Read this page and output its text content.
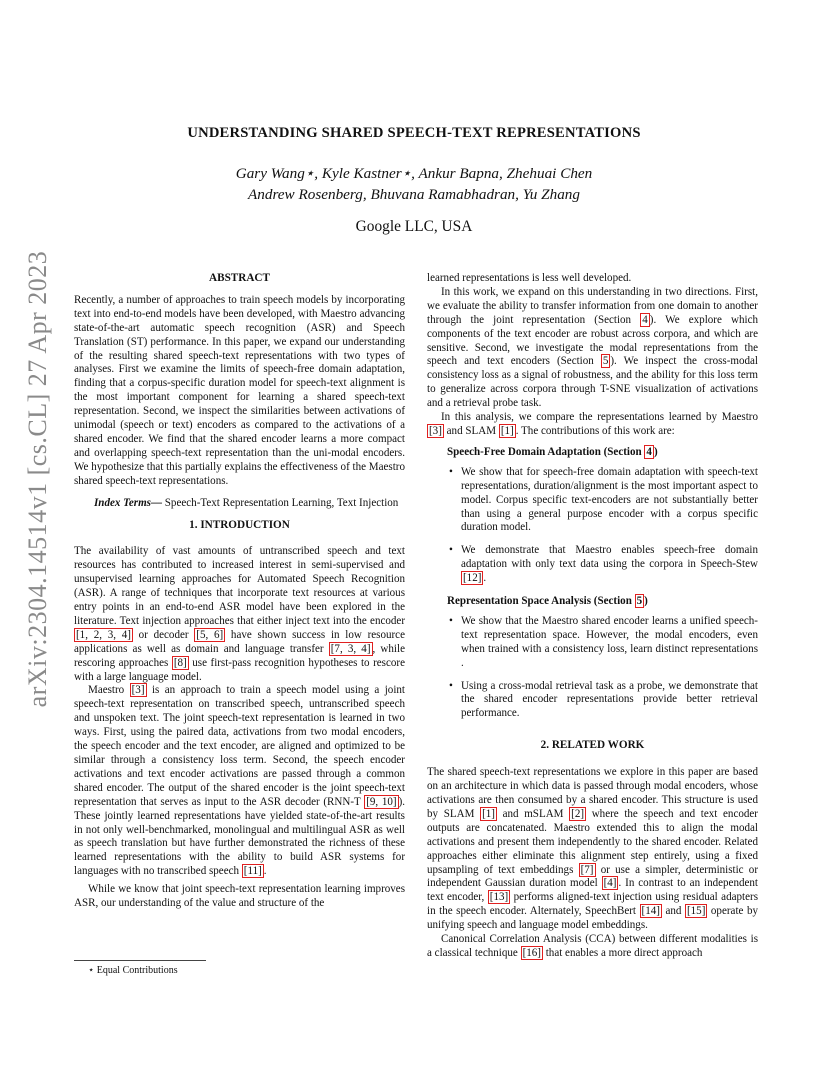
arXiv:2304.14514v1 [cs.CL] 27 Apr 2023
UNDERSTANDING SHARED SPEECH-TEXT REPRESENTATIONS
Gary Wang⋆, Kyle Kastner⋆, Ankur Bapna, Zhehuai Chen
Andrew Rosenberg, Bhuvana Ramabhadran, Yu Zhang
Google LLC, USA
ABSTRACT

Recently, a number of approaches to train speech models by incorporating text into end-to-end models have been developed, with Maestro advancing state-of-the-art automatic speech recognition (ASR) and Speech Translation (ST) performance. In this paper, we expand our understanding of the resulting shared speech-text representations with two types of analyses. First we examine the limits of speech-free domain adaptation, finding that a corpus-specific duration model for speech-text alignment is the most important component for learning a shared speech-text representation. Second, we inspect the similarities between activations of unimodal (speech or text) encoders as compared to the activations of a shared encoder. We find that the shared encoder learns a more compact and overlapping speech-text representation than the uni-modal encoders. We hypothesize that this partially explains the effectiveness of the Maestro shared speech-text representations.

Index Terms— Speech-Text Representation Learning, Text Injection

1. INTRODUCTION

The availability of vast amounts of untranscribed speech and text resources has contributed to increased interest in semi-supervised and unsupervised learning approaches for Automated Speech Recognition (ASR). A range of techniques that incorporate text resources at various entry points in an end-to-end ASR model have been explored in the literature. Text injection approaches that either inject text into the encoder [1, 2, 3, 4] or decoder [5, 6] have shown success in low resource applications as well as domain and language transfer [7, 3, 4] , while rescoring approaches [8] use first-pass recognition hypotheses to rescore with a large language model.

Maestro [3] is an approach to train a speech model using a joint speech-text representation on transcribed speech, untranscribed speech and unspoken text. The joint speech-text representation is learned in two ways. First, using the paired data, activations from two modal encoders, the speech encoder and the text encoder, are aligned and optimized to be similar through a consistency loss term. Second, the speech encoder activations and text encoder activations are passed through a common shared encoder. The output of the shared encoder is the joint speech-text representation that serves as input to the ASR decoder (RNN-T [9, 10] ). These jointly learned representations have yielded state-of-the-art results in not only well-benchmarked, monolingual and multilingual ASR as well as speech translation but have further demonstrated the richness of these learned representations with the ability to build ASR systems for languages with no transcribed speech [11] .

While we know that joint speech-text representation learning improves ASR, our understanding of the value and structure of the

⋆ Equal Contributions

learned representations is less well developed.

In this work, we expand on this understanding in two directions. First, we evaluate the ability to transfer information from one domain to another through the joint representation (Section 4 ). We explore which components of the text encoder are robust across corpora, and which are sensitive. Second, we investigate the modal representations from the speech and text encoders (Section 5 ). We inspect the cross-modal consistency loss as a signal of robustness, and the ability for this loss term to generalize across corpora through T-SNE visualization of activations and a retrieval probe task.

In this analysis, we compare the representations learned by Maestro [3] and SLAM [1] . The contributions of this work are:

Speech-Free Domain Adaptation (Section 4 )
• We show that for speech-free domain adaptation with speech-text representations, duration/alignment is the most important aspect to model. Corpus specific text-encoders are not substantially better than using a general purpose encoder with a corpus specific duration model.
• We demonstrate that Maestro enables speech-free domain adaptation with only text data using the corpora in Speech-Stew [12] .
Representation Space Analysis (Section 5 )
• We show that the Maestro shared encoder learns a unified speech-text representation space. However, the modal encoders, even when trained with a consistency loss, learn distinct representations .
• Using a cross-modal retrieval task as a probe, we demonstrate that the shared encoder representations provide better retrieval performance.
2. RELATED WORK

The shared speech-text representations we explore in this paper are based on an architecture in which data is passed through modal encoders, whose activations are then consumed by a shared encoder. This structure is used by SLAM [1] and mSLAM [2] where the speech and text encoder outputs are concatenated. Maestro extended this to align the modal activations and present them independently to the shared encoder. Related approaches either eliminate this alignment step entirely, using a fixed upsampling of text embeddings [7] or use a simpler, deterministic or independent Gaussian duration model [4] . In contrast to an independent text encoder, [13] performs aligned-text injection using residual adapters in the speech encoder. Alternately, SpeechBert [14] and [15] operate by unifying speech and language model embeddings.

Canonical Correlation Analysis (CCA) between different modalities is a classical technique [16] that enables a more direct approach
